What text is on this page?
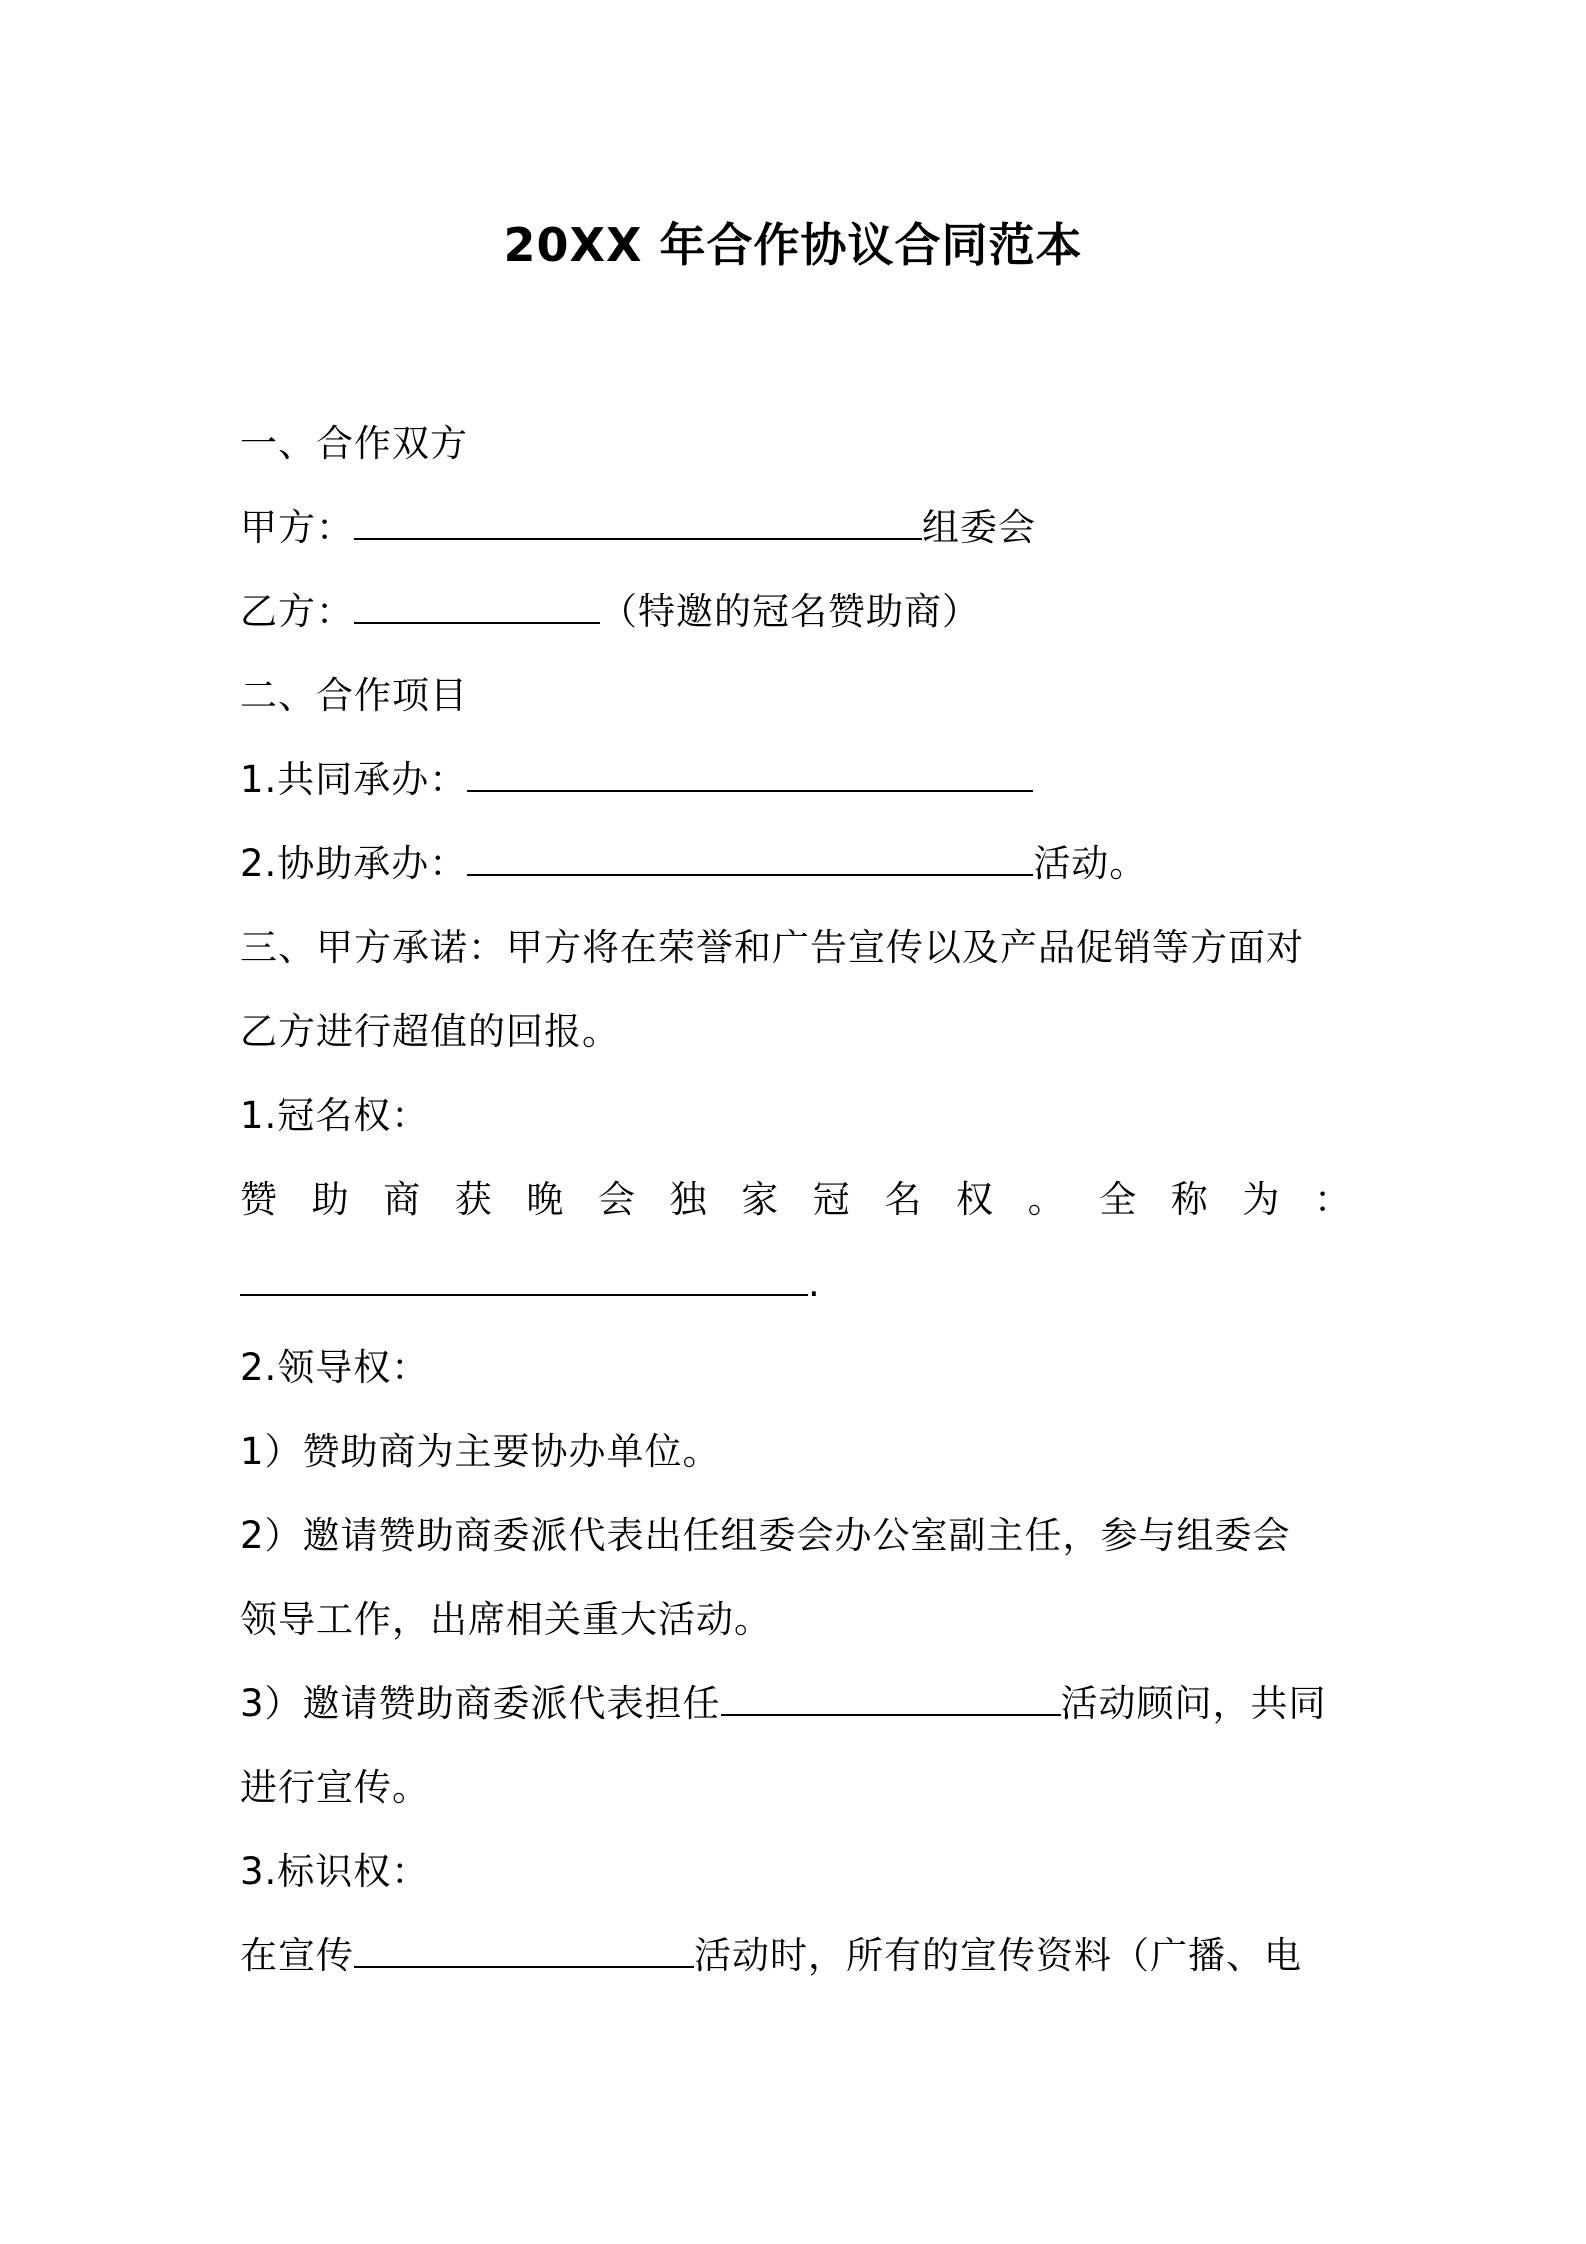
20XX 年合作协议合同范本
一、合作双方
甲方：	组委会
乙方：	（特邀的冠名赞助商）
二、合作项目
1.共同承办：
2.协助承办：	活动。
三、甲方承诺：甲方将在荣誉和广告宣传以及产品促销等方面对
乙方进行超值的回报。
1.冠名权：
赞助商获晚会独家冠名权。全称为：
.
2.领导权：
1）赞助商为主要协办单位。
2）邀请赞助商委派代表出任组委会办公室副主任，参与组委会
领导工作，出席相关重大活动。
3）邀请赞助商委派代表担任	活动顾问，共同
进行宣传。
3.标识权：
在宣传	活动时，所有的宣传资料（广播、电
